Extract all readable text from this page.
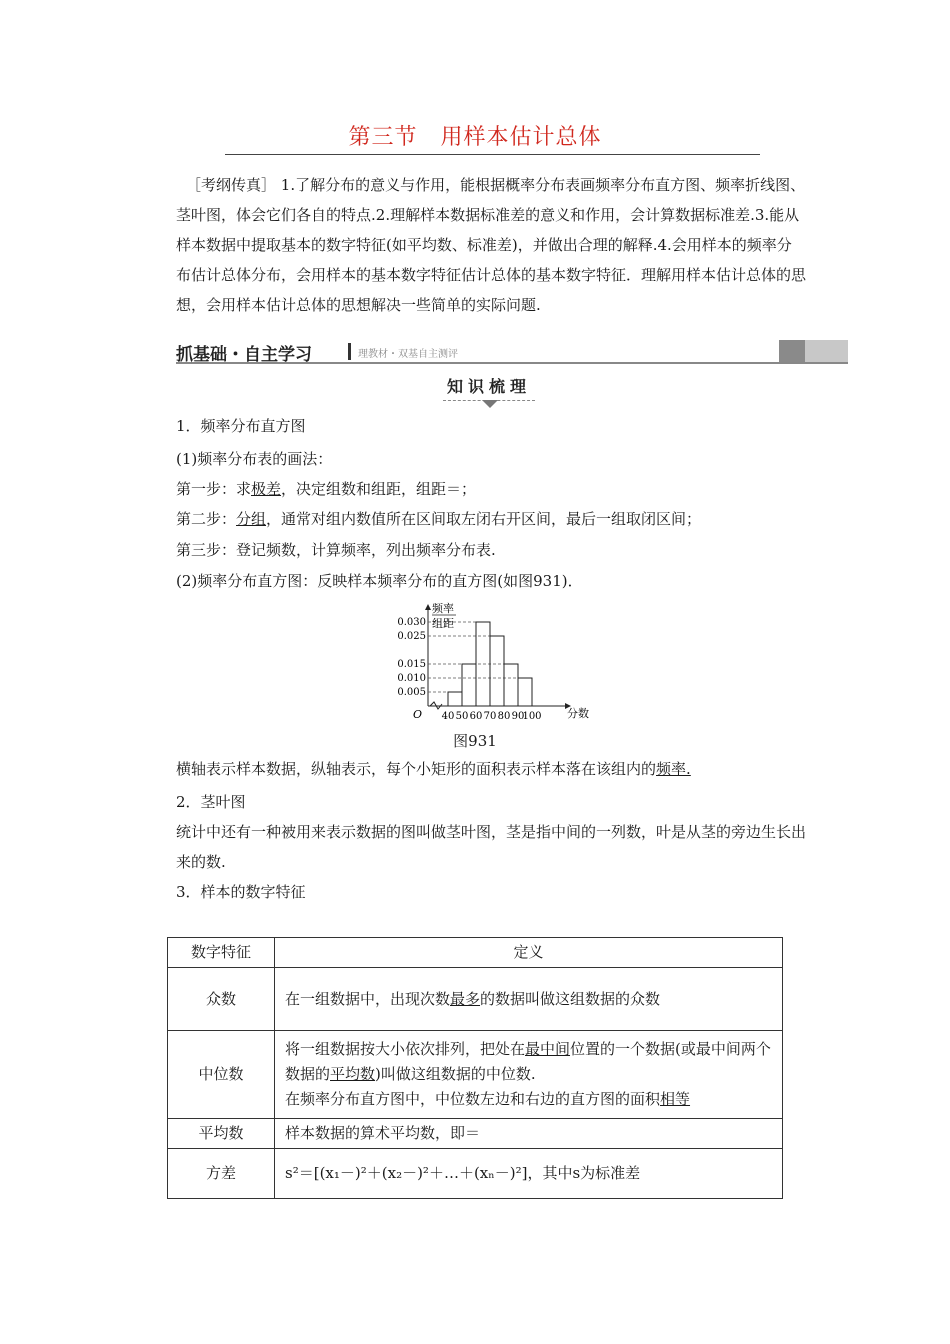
第三节　用样本估计总体
［考纲传真］ 1.了解分布的意义与作用，能根据概率分布表画频率分布直方图、频率折线图、茎叶图，体会它们各自的特点.2.理解样本数据标准差的意义和作用，会计算数据标准差.3.能从样本数据中提取基本的数字特征(如平均数、标准差)，并做出合理的解释.4.会用样本的频率分布估计总体分布，会用样本的基本数字特征估计总体的基本数字特征．理解用样本估计总体的思想，会用样本估计总体的思想解决一些简单的实际问题.
抓基础・自主学习	理教材・双基自主测评
知识梳理
1．频率分布直方图
(1)频率分布表的画法：
第一步：求极差，决定组数和组距，组距＝；
第二步：分组，通常对组内数值所在区间取左闭右开区间，最后一组取闭区间；
第三步：登记频数，计算频率，列出频率分布表.
(2)频率分布直方图：反映样本频率分布的直方图(如图931)．
0.030
0.025
0.015
0.010
0.005
40 50 60 70 80 90
100
O
频率
组距
分数
图931
横轴表示样本数据，纵轴表示，每个小矩形的面积表示样本落在该组内的频率.
2．茎叶图
统计中还有一种被用来表示数据的图叫做茎叶图，茎是指中间的一列数，叶是从茎的旁边生长出来的数.
3．样本的数字特征
数字特征	定义
众数	在一组数据中，出现次数最多的数据叫做这组数据的众数
中位数	将一组数据按大小依次排列，把处在最中间位置的一个数据(或最中间两个数据的平均数)叫做这组数据的中位数.
在频率分布直方图中，中位数左边和右边的直方图的面积相等
平均数	样本数据的算术平均数，即＝
方差	s²＝[(x₁－)²＋(x₂－)²＋…＋(xₙ－)²]，其中s为标准差
